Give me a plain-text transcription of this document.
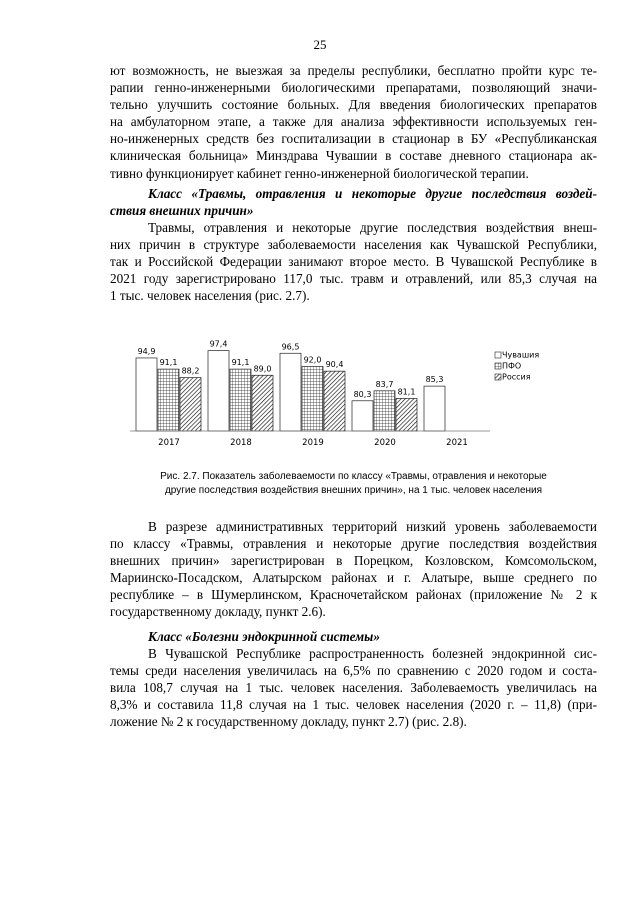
25
ют возможность, не выезжая за пределы республики, бесплатно пройти курс те-
рапии генно-инженерными биологическими препаратами, позволяющий значи-
тельно улучшить состояние больных. Для введения биологических препаратов
на амбулаторном этапе, а также для анализа эффективности используемых ген-
но-инженерных средств без госпитализации в стационар в БУ «Республиканская
клиническая больница» Минздрава Чувашии в составе дневного стационара ак-
тивно функционирует кабинет генно-инженерной биологической терапии.
Класс «Травмы, отравления и некоторые другие последствия воздей-
ствия внешних причин»
Травмы, отравления и некоторые другие последствия воздействия внеш-
них причин в структуре заболеваемости населения как Чувашской Республики,
так и Российской Федерации занимают второе место. В Чувашской Республике в
2021 году зарегистрировано 117,0 тыс. травм и отравлений, или 85,3 случая на
1 тыс. человек населения (рис. 2.7).
94,9
91,1
88,2
97,4
91,1
89,0
96,5
92,0
90,4
80,3
83,7
81,1
85,3
2017	2018	2019	2020	2021
Чувашия
ПФО
Россия
Рис. 2.7. Показатель заболеваемости по классу «Травмы, отравления и некоторые
другие последствия воздействия внешних причин», на 1 тыс. человек населения
В разрезе административных территорий низкий уровень заболеваемости
по классу «Травмы, отравления и некоторые другие последствия воздействия
внешних причин» зарегистрирован в Порецком, Козловском, Комсомольском,
Мариинско-Посадском, Алатырском районах и г. Алатыре, выше среднего по
республике – в Шумерлинском, Красночетайском районах (приложение № 2 к
государственному докладу, пункт 2.6).
Класс «Болезни эндокринной системы»
В Чувашской Республике распространенность болезней эндокринной сис-
темы среди населения увеличилась на 6,5% по сравнению с 2020 годом и соста-
вила 108,7 случая на 1 тыс. человек населения. Заболеваемость увеличилась на
8,3% и составила 11,8 случая на 1 тыс. человек населения (2020 г. – 11,8) (при-
ложение № 2 к государственному докладу, пункт 2.7) (рис. 2.8).
